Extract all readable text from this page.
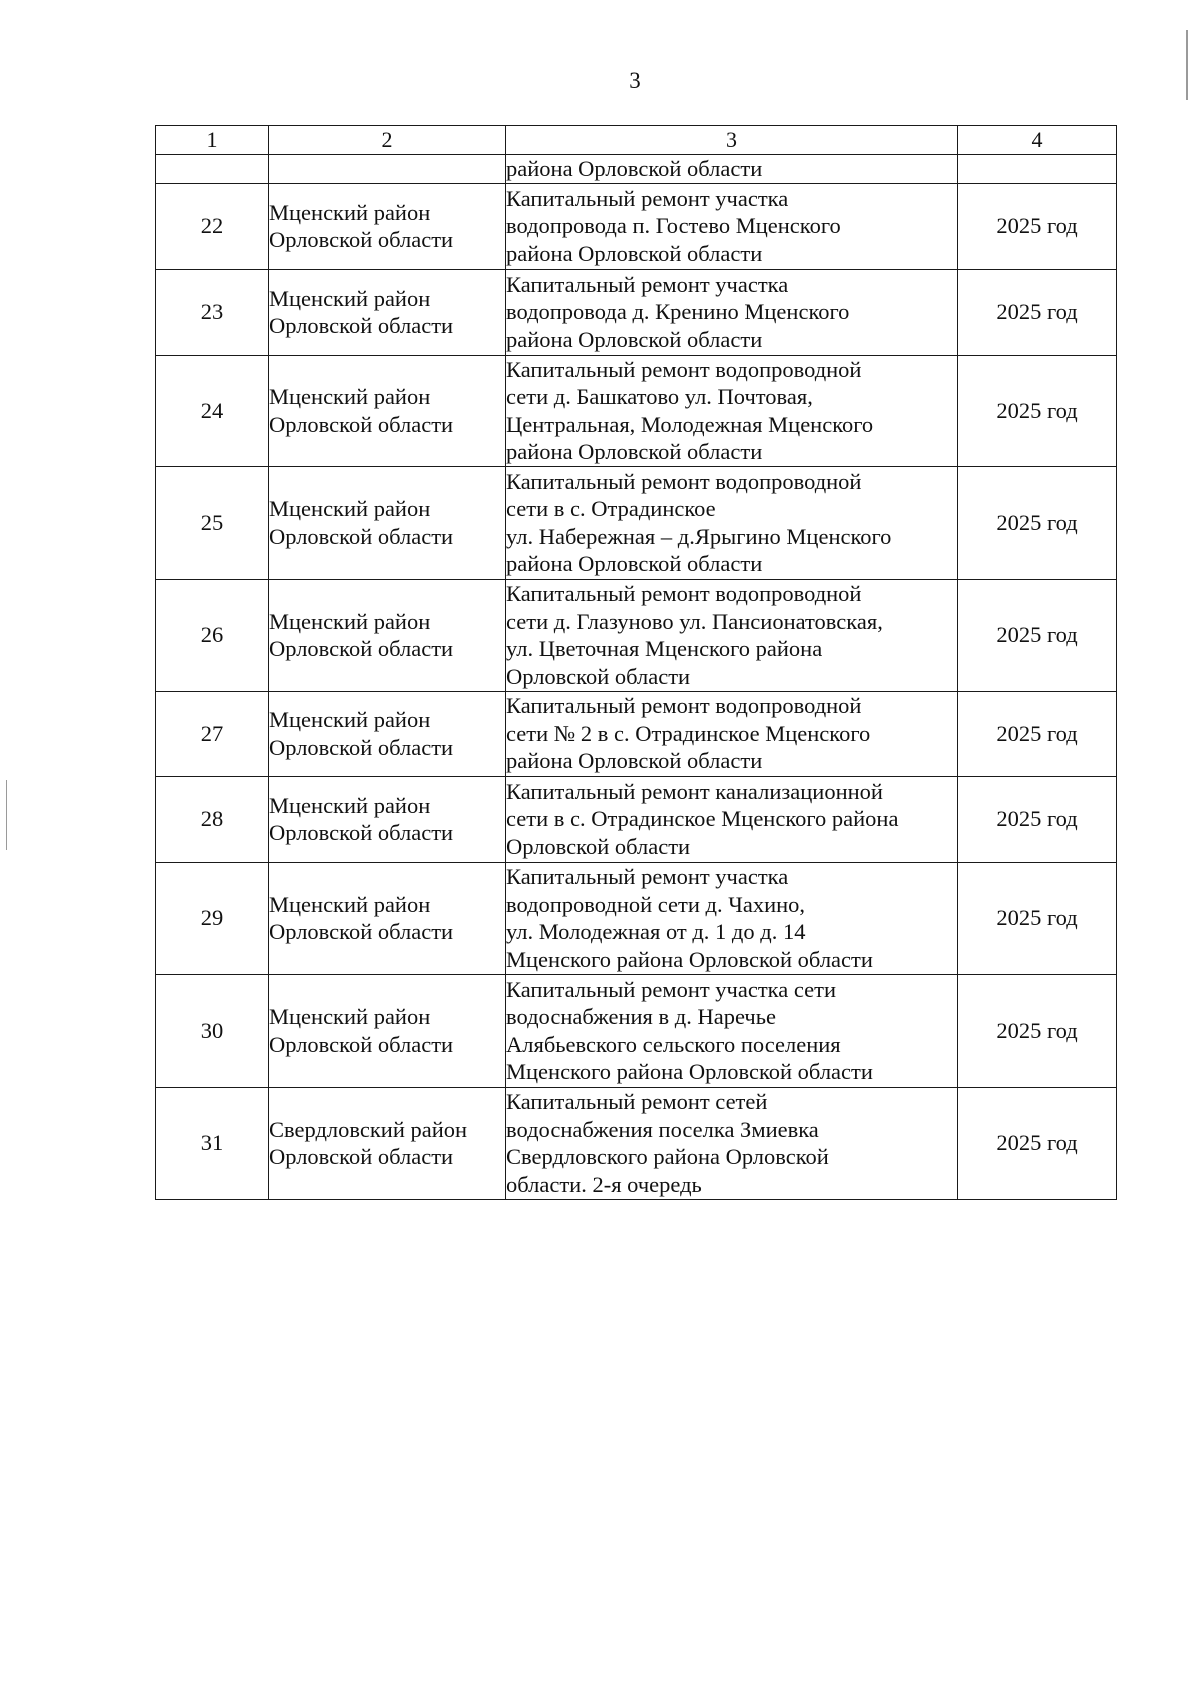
3
1	2	3	4

		района Орловской области	

22	Мценский район
Орловской области	Капитальный ремонт участка
водопровода п. Гостево Мценского
района Орловской области	2025 год
23	Мценский район
Орловской области	Капитальный ремонт участка
водопровода д. Кренино Мценского
района Орловской области	2025 год
24	Мценский район
Орловской области	Капитальный ремонт водопроводной
сети д. Башкатово ул. Почтовая,
Центральная, Молодежная Мценского
района Орловской области	2025 год
25	Мценский район
Орловской области	Капитальный ремонт водопроводной
сети в с. Отрадинское
ул. Набережная – д.Ярыгино Мценского
района Орловской области	2025 год
26	Мценский район
Орловской области	Капитальный ремонт водопроводной
сети д. Глазуново ул. Пансионатовская,
ул. Цветочная Мценского района
Орловской области	2025 год
27	Мценский район
Орловской области	Капитальный ремонт водопроводной
сети № 2 в с. Отрадинское Мценского
района Орловской области	2025 год
28	Мценский район
Орловской области	Капитальный ремонт канализационной
сети в с. Отрадинское Мценского района
Орловской области	2025 год
29	Мценский район
Орловской области	Капитальный ремонт участка
водопроводной сети д. Чахино,
ул. Молодежная от д. 1 до д. 14
Мценского района Орловской области	2025 год
30	Мценский район
Орловской области	Капитальный ремонт участка сети
водоснабжения в д. Наречье
Алябьевского сельского поселения
Мценского района Орловской области	2025 год
31	Свердловский район
Орловской области	Капитальный ремонт сетей
водоснабжения поселка Змиевка
Свердловского района Орловской
области. 2-я очередь	2025 год
